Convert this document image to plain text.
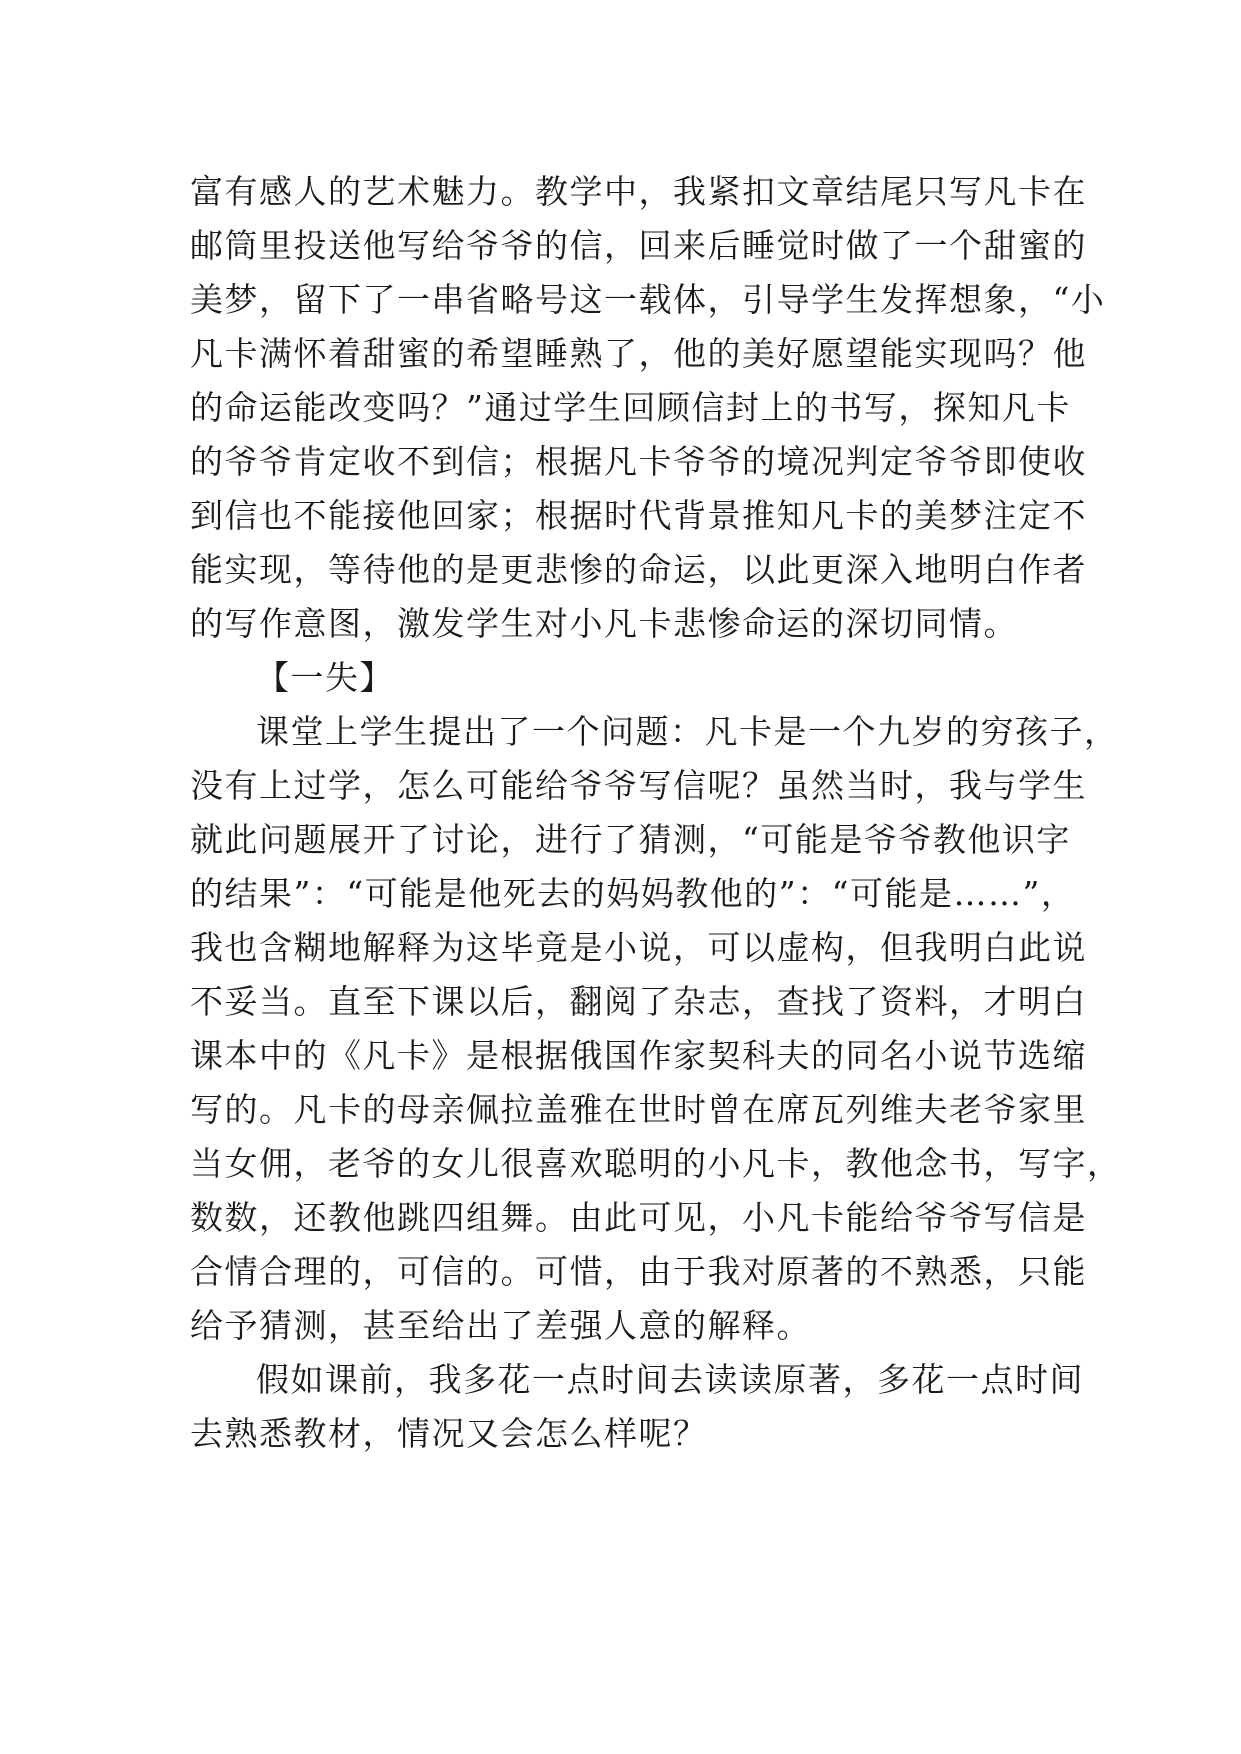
富有感人的艺术魅力。教学中，我紧扣文章结尾只写凡卡在
邮筒里投送他写给爷爷的信，回来后睡觉时做了一个甜蜜的
美梦，留下了一串省略号这一载体，引导学生发挥想象，“小
凡卡满怀着甜蜜的希望睡熟了，他的美好愿望能实现吗？他
的命运能改变吗？”通过学生回顾信封上的书写，探知凡卡
的爷爷肯定收不到信；根据凡卡爷爷的境况判定爷爷即使收
到信也不能接他回家；根据时代背景推知凡卡的美梦注定不
能实现，等待他的是更悲惨的命运，以此更深入地明白作者
的写作意图，激发学生对小凡卡悲惨命运的深切同情。
【一失】
课堂上学生提出了一个问题：凡卡是一个九岁的穷孩子，
没有上过学，怎么可能给爷爷写信呢？虽然当时，我与学生
就此问题展开了讨论，进行了猜测，“可能是爷爷教他识字
的结果”：“可能是他死去的妈妈教他的”：“可能是……”，
我也含糊地解释为这毕竟是小说，可以虚构，但我明白此说
不妥当。直至下课以后，翻阅了杂志，查找了资料，才明白
课本中的《凡卡》是根据俄国作家契科夫的同名小说节选缩
写的。凡卡的母亲佩拉盖雅在世时曾在席瓦列维夫老爷家里
当女佣，老爷的女儿很喜欢聪明的小凡卡，教他念书，写字，
数数，还教他跳四组舞。由此可见，小凡卡能给爷爷写信是
合情合理的，可信的。可惜，由于我对原著的不熟悉，只能
给予猜测，甚至给出了差强人意的解释。
假如课前，我多花一点时间去读读原著，多花一点时间
去熟悉教材，情况又会怎么样呢？
